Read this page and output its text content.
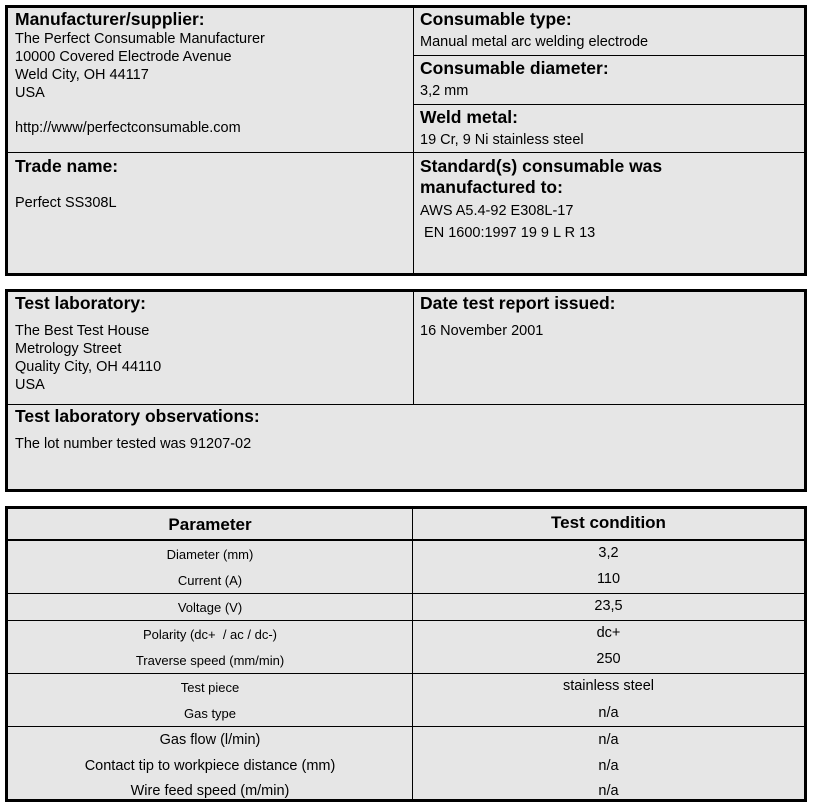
Manufacturer/supplier:
The Perfect Consumable Manufacturer
10000 Covered Electrode Avenue
Weld City, OH 44117
USA
http://www/perfectconsumable.com
Consumable type:
Manual metal arc welding electrode
Consumable diameter:
3,2 mm
Weld metal:
19 Cr, 9 Ni stainless steel
Trade name:
Perfect SS308L
Standard(s) consumable was
manufactured to:
AWS A5.4-92 E308L-17
EN 1600:1997 19 9 L R 13
Test laboratory:
The Best Test House
Metrology Street
Quality City, OH 44110
USA
Date test report issued:
16 November 2001
Test laboratory observations:
The lot number tested was 91207-02
Parameter	Test condition
Diameter (mm)	3,2
Current (A)	110
Voltage (V)	23,5
Polarity (dc+  / ac / dc-)	dc+
Traverse speed (mm/min)	250
Test piece	stainless steel
Gas type	n/a
Gas flow (l/min)	n/a
Contact tip to workpiece distance (mm)	n/a
Wire feed speed (m/min)	n/a
